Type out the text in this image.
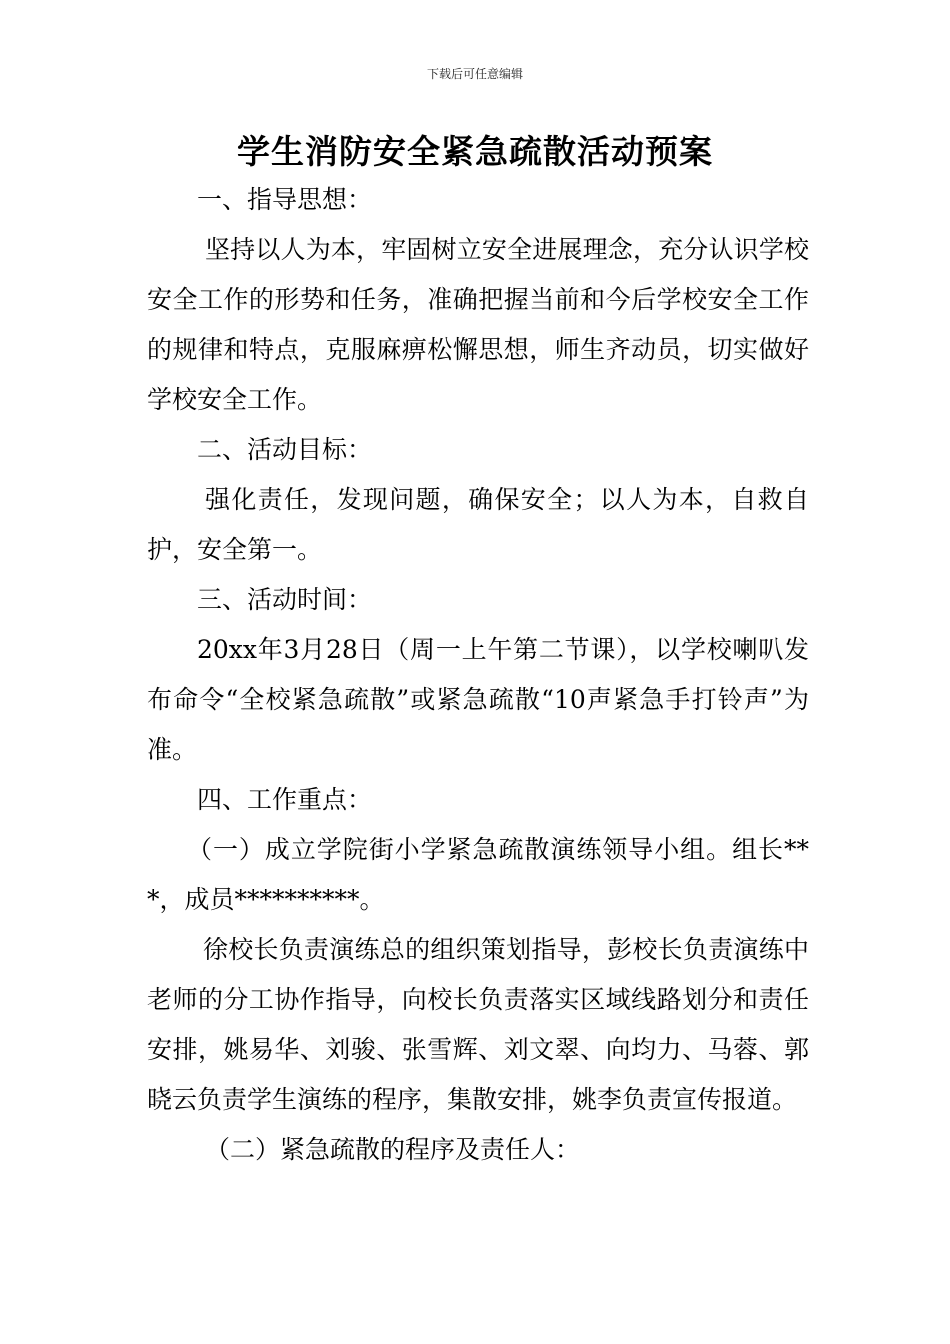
下载后可任意编辑
学生消防安全紧急疏散活动预案

一、指导思想：

坚持以人为本，牢固树立安全进展理念，充分认识学校安全工作的形势和任务，准确把握当前和今后学校安全工作的规律和特点，克服麻痹松懈思想，师生齐动员，切实做好学校安全工作。

二、活动目标：

强化责任，发现问题，确保安全；以人为本，自救自护，安全第一。

三、活动时间：

20xx年3月28日（周一上午第二节课），以学校喇叭发布命令“全校紧急疏散”或紧急疏散“10声紧急手打铃声”为准。

四、工作重点：

（一）成立学院街小学紧急疏散演练领导小组。组长***，成员**********。

徐校长负责演练总的组织策划指导，彭校长负责演练中老师的分工协作指导，向校长负责落实区域线路划分和责任安排，姚易华、刘骏、张雪辉、刘文翠、向均力、马蓉、郭晓云负责学生演练的程序，集散安排，姚李负责宣传报道。

（二）紧急疏散的程序及责任人：
